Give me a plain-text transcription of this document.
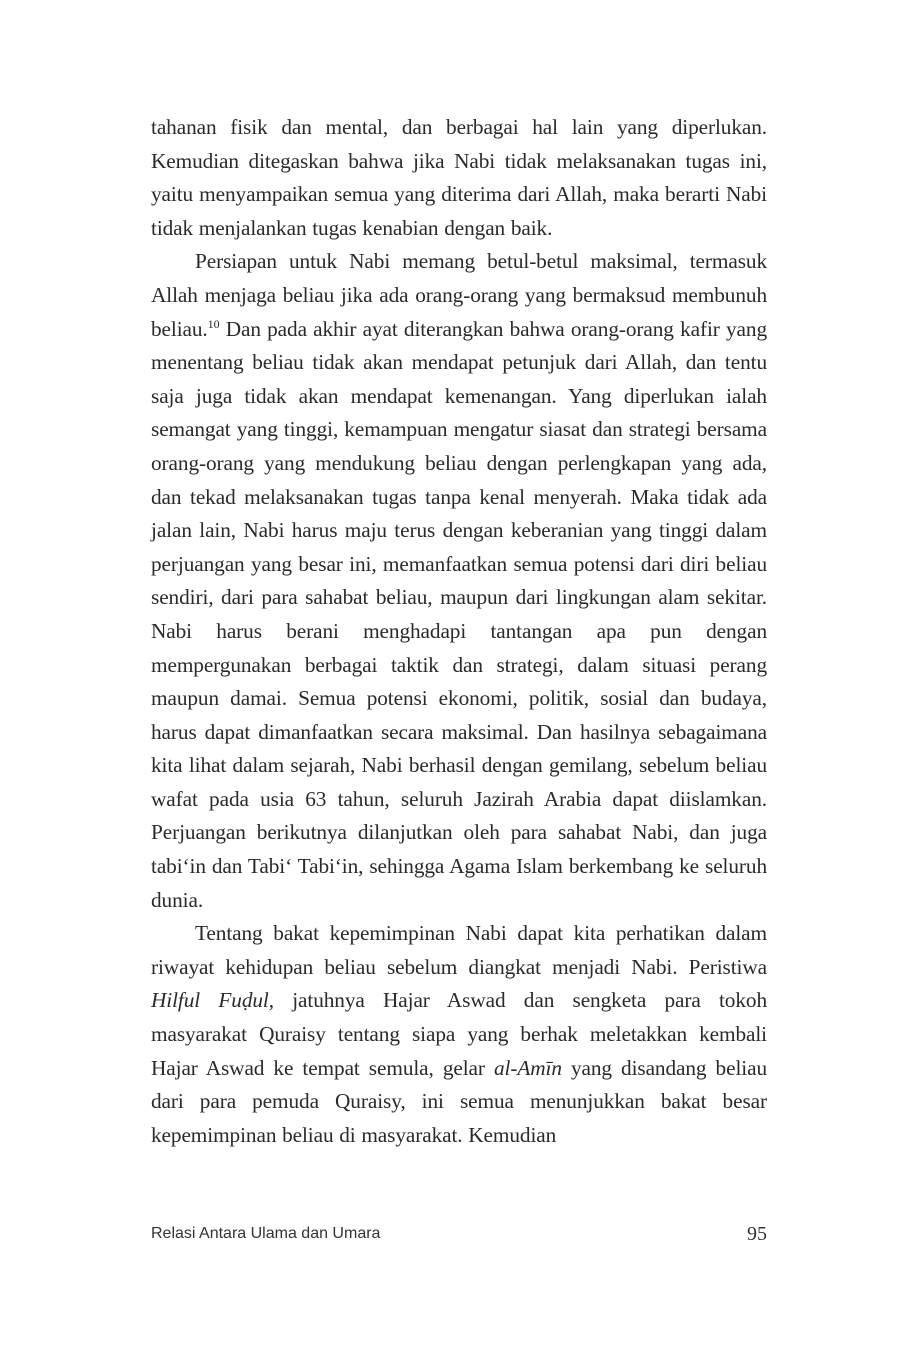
tahanan fisik dan mental, dan berbagai hal lain yang diperlukan. Kemudian ditegaskan bahwa jika Nabi tidak melaksanakan tugas ini, yaitu menyampaikan semua yang diterima dari Allah, maka berarti Nabi tidak menjalankan tugas kenabian dengan baik.

Persiapan untuk Nabi memang betul-betul maksimal, termasuk Allah menjaga beliau jika ada orang-orang yang bermaksud membunuh beliau.$^{10}$ Dan pada akhir ayat diterangkan bahwa orang-orang kafir yang menentang beliau tidak akan mendapat petunjuk dari Allah, dan tentu saja juga tidak akan mendapat kemenangan. Yang diperlukan ialah semangat yang tinggi, kemampuan mengatur siasat dan strategi bersama orang-orang yang mendukung beliau dengan perlengkapan yang ada, dan tekad melaksanakan tugas tanpa kenal menyerah. Maka tidak ada jalan lain, Nabi harus maju terus dengan keberanian yang tinggi dalam perjuangan yang besar ini, memanfaatkan semua potensi dari diri beliau sendiri, dari para sahabat beliau, maupun dari lingkungan alam sekitar. Nabi harus berani menghadapi tantangan apa pun dengan mempergunakan berbagai taktik dan strategi, dalam situasi perang maupun damai. Semua potensi ekonomi, politik, sosial dan budaya, harus dapat dimanfaatkan secara maksimal. Dan hasilnya sebagaimana kita lihat dalam sejarah, Nabi berhasil dengan gemilang, sebelum beliau wafat pada usia 63 tahun, seluruh Jazirah Arabia dapat diislamkan. Perjuangan berikutnya dilanjutkan oleh para sahabat Nabi, dan juga tabi‘in dan Tabi‘ Tabi‘in, sehingga Agama Islam berkembang ke seluruh dunia.

Tentang bakat kepemimpinan Nabi dapat kita perhatikan dalam riwayat kehidupan beliau sebelum diangkat menjadi Nabi. Peristiwa Hilful Fuḍul, jatuhnya Hajar Aswad dan sengketa para tokoh masyarakat Quraisy tentang siapa yang berhak meletakkan kembali Hajar Aswad ke tempat semula, gelar al-Amīn yang disandang beliau dari para pemuda Quraisy, ini semua menunjukkan bakat besar kepemimpinan beliau di masyarakat. Kemudian

Relasi Antara Ulama dan Umara	95
